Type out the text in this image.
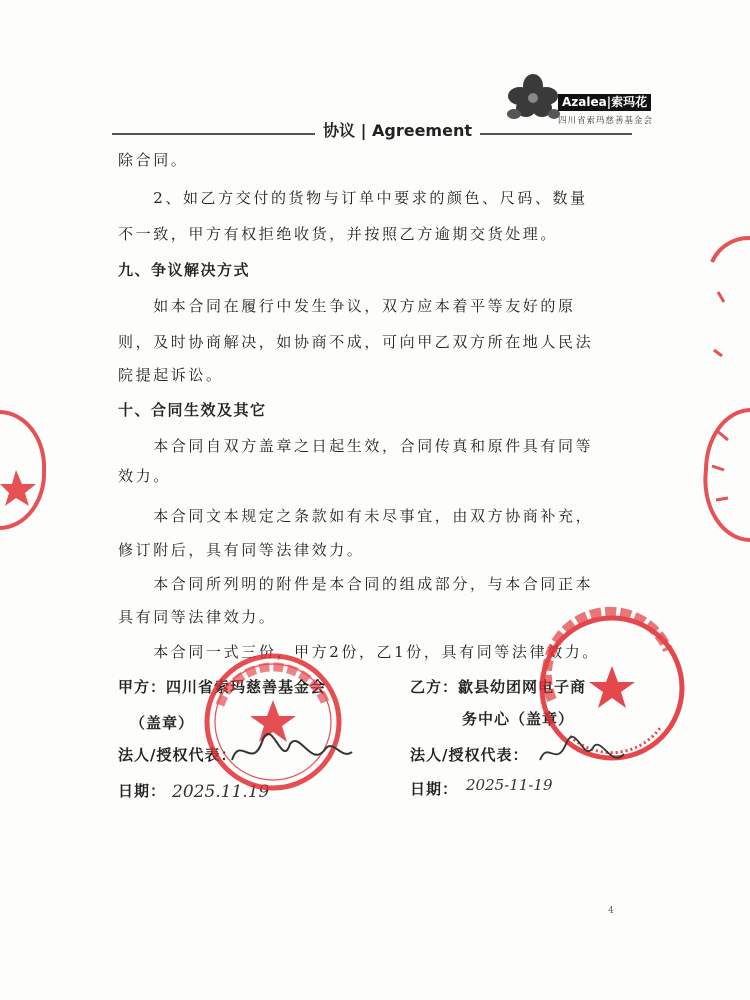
Azalea|索玛花
四川省索玛慈善基金会
协议 | Agreement
除合同。
　　2、如乙方交付的货物与订单中要求的颜色、尺码、数量
不一致，甲方有权拒绝收货，并按照乙方逾期交货处理。
九、争议解决方式
　　如本合同在履行中发生争议，双方应本着平等友好的原
则，及时协商解决，如协商不成，可向甲乙双方所在地人民法
院提起诉讼。
十、合同生效及其它
　　本合同自双方盖章之日起生效，合同传真和原件具有同等
效力。
　　本合同文本规定之条款如有未尽事宜，由双方协商补充，
修订附后，具有同等法律效力。
　　本合同所列明的附件是本合同的组成部分，与本合同正本
具有同等法律效力。
　　本合同一式三份，甲方2份，乙1份，具有同等法律效力。
甲方：四川省索玛慈善基金会
（盖章）
法人/授权代表：
日期： 2025.11.19
乙方：歙县幼团网电子商
务中心（盖章）
法人/授权代表：
日期： 2025-11-19
4
